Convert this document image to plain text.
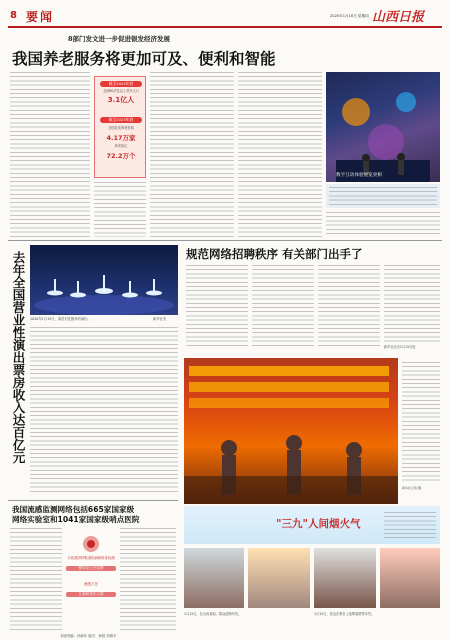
8 要闻	2020年1月16日 星期四 山西日报
8部门发文进一步促进银发经济发展
我国养老服务将更加可及、便利和智能
截至2024年底
全国60岁及以上老年人口
3.1亿人
截至2023年底
全国各类养老机构
4.17万家
养老床位
72.2万个
数字互动体验展览亮相
2020年1月15日，演员们在剧场内演出。	新华社发
去年全国营业性演出票房收入达百亿元	规范网络招聘秩序 有关部门出手了
新华社北京1月15日电
新华社记者 摄
"三九"人间烟火气
1月15日，在山西某地，群众选购年货。	1月15日，民众在集市上选购春联等年货。
我国流感监测网络包括665家国家级
网络实验室和1041家国家级哨点医院
当前我国呼吸道疾病病原体检测
整体呈上升趋势
流感占比
儿童和老年人群
本版责编：孙新年 版式：杨国 刘海平
